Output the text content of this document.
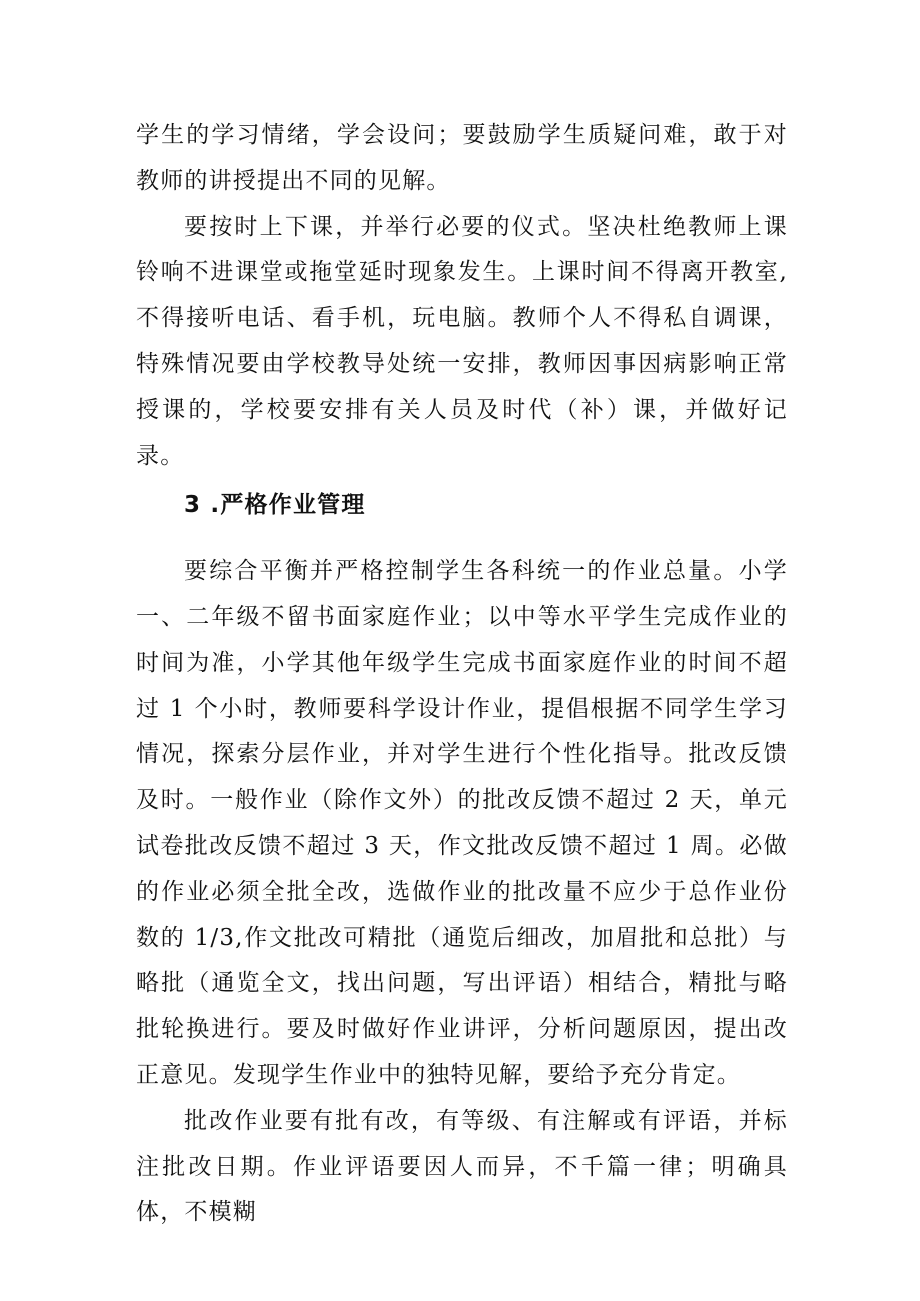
学生的学习情绪，学会设问；要鼓励学生质疑问难，敢于对教师的讲授提出不同的见解。

要按时上下课，并举行必要的仪式。坚决杜绝教师上课铃响不进课堂或拖堂延时现象发生。上课时间不得离开教室,不得接听电话、看手机，玩电脑。教师个人不得私自调课，特殊情况要由学校教导处统一安排，教师因事因病影响正常授课的，学校要安排有关人员及时代（补）课，并做好记录。

3 .严格作业管理

要综合平衡并严格控制学生各科统一的作业总量。小学一、二年级不留书面家庭作业；以中等水平学生完成作业的时间为准，小学其他年级学生完成书面家庭作业的时间不超过 1 个小时，教师要科学设计作业，提倡根据不同学生学习情况，探索分层作业，并对学生进行个性化指导。批改反馈及时。一般作业（除作文外）的批改反馈不超过 2 天，单元试卷批改反馈不超过 3 天，作文批改反馈不超过 1 周。必做的作业必须全批全改，选做作业的批改量不应少于总作业份数的 1/3,作文批改可精批（通览后细改，加眉批和总批）与略批（通览全文，找出问题，写出评语）相结合，精批与略批轮换进行。要及时做好作业讲评，分析问题原因，提出改正意见。发现学生作业中的独特见解，要给予充分肯定。

批改作业要有批有改，有等级、有注解或有评语，并标注批改日期。作业评语要因人而异，不千篇一律；明确具体，不模糊
